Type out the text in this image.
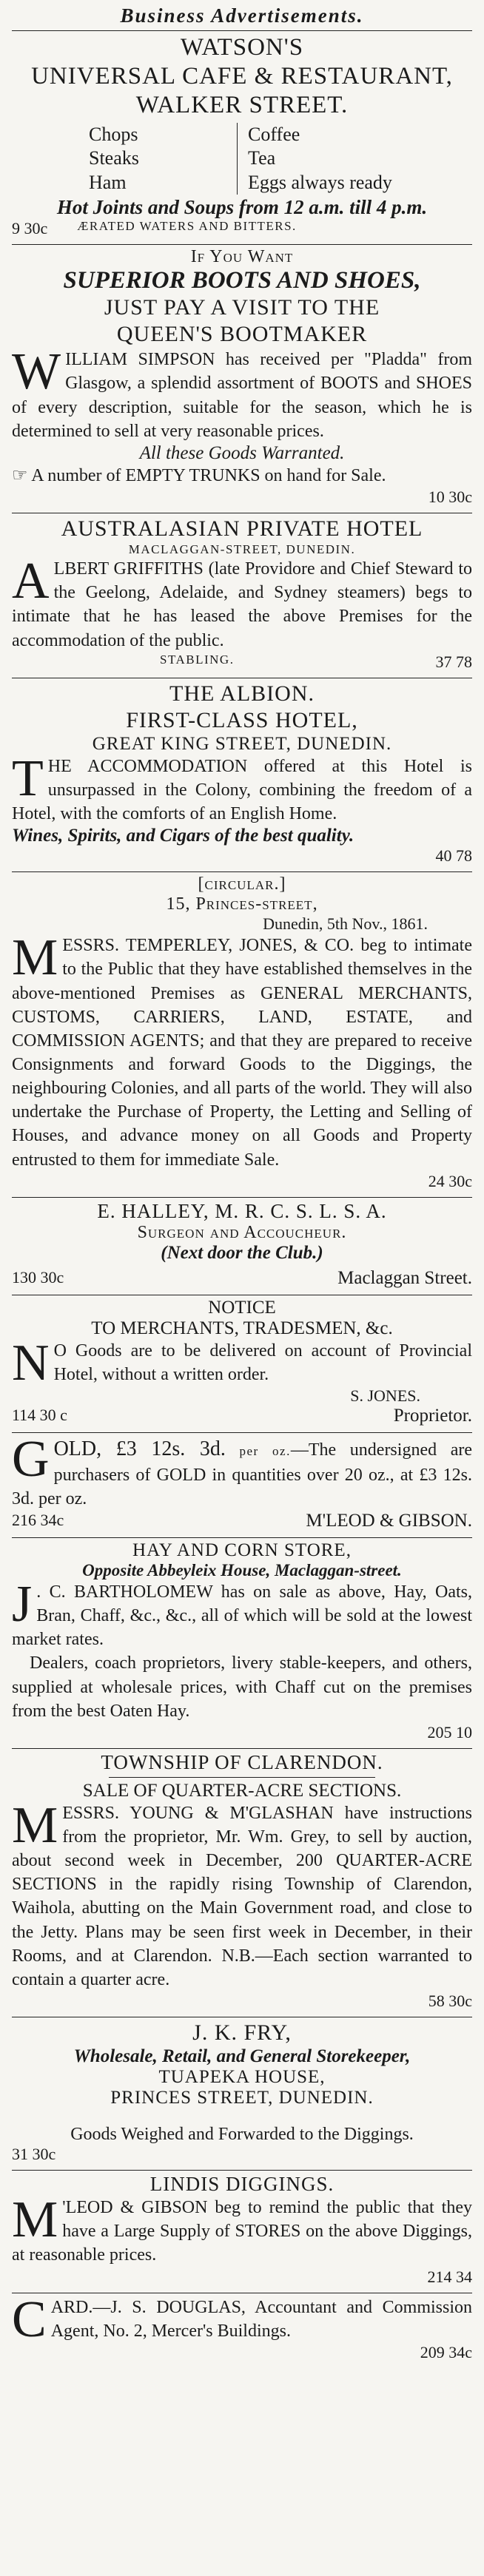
Business Advertisements.
WATSON'S
UNIVERSAL CAFE & RESTAURANT,
WALKER STREET.
Chops
Steaks
Ham
Coffee
Tea
Eggs always ready
Hot Joints and Soups from 12 a.m. till 4 p.m.
9 30c ÆRATED WATERS AND BITTERS.
If You Want
SUPERIOR BOOTS AND SHOES,
JUST PAY A VISIT TO THE
QUEEN'S BOOTMAKER
WILLIAM SIMPSON has received per "Pladda" from Glasgow, a splendid assortment of BOOTS and SHOES of every description, suitable for the season, which he is determined to sell at very reasonable prices.
All these Goods Warranted.
☞ A number of EMPTY TRUNKS on hand for Sale.
10 30c
AUSTRALASIAN PRIVATE HOTEL
MACLAGGAN-STREET, DUNEDIN.
ALBERT GRIFFITHS (late Providore and Chief Steward to the Geelong, Adelaide, and Sydney steamers) begs to intimate that he has leased the above Premises for the accommodation of the public.
STABLING.	37 78
THE ALBION.
FIRST-CLASS HOTEL,
GREAT KING STREET, DUNEDIN.
THE ACCOMMODATION offered at this Hotel is unsurpassed in the Colony, combining the freedom of a Hotel, with the comforts of an English Home.
Wines, Spirits, and Cigars of the best quality.
40 78
[circular.]
15, Princes-street,
Dunedin, 5th Nov., 1861.
MESSRS. TEMPERLEY, JONES, & CO. beg to intimate to the Public that they have established themselves in the above-mentioned Premises as GENERAL MERCHANTS, CUSTOMS, CARRIERS, LAND, ESTATE, and COMMISSION AGENTS; and that they are prepared to receive Consignments and forward Goods to the Diggings, the neighbouring Colonies, and all parts of the world. They will also undertake the Purchase of Property, the Letting and Selling of Houses, and advance money on all Goods and Property entrusted to them for immediate Sale.
24 30c
E. HALLEY, M. R. C. S. L. S. A.
Surgeon and Accoucheur.
(Next door the Club.)
130 30c	Maclaggan Street.
NOTICE
TO MERCHANTS, TRADESMEN, &c.
N O Goods are to be delivered on account of Provincial Hotel, without a written order.
S. JONES.
114 30 c	Proprietor.
GOLD, £3 12s. 3d. per oz.—The undersigned are purchasers of GOLD in quantities over 20 oz., at £3 12s. 3d. per oz.
216 34c	M'LEOD & GIBSON.
HAY AND CORN STORE,
Opposite Abbeyleix House, Maclaggan-street.
J . C. BARTHOLOMEW has on sale as above, Hay, Oats, Bran, Chaff, &c., &c., all of which will be sold at the lowest market rates.
Dealers, coach proprietors, livery stable-keepers, and others, supplied at wholesale prices, with Chaff cut on the premises from the best Oaten Hay.
205 10
TOWNSHIP OF CLARENDON.
SALE OF QUARTER-ACRE SECTIONS.
MESSRS. YOUNG & M'GLASHAN have instructions from the proprietor, Mr. Wm. Grey, to sell by auction, about second week in December, 200 QUARTER-ACRE SECTIONS in the rapidly rising Township of Clarendon, Waihola, abutting on the Main Government road, and close to the Jetty. Plans may be seen first week in December, in their Rooms, and at Clarendon. N.B.—Each section warranted to contain a quarter acre.
58 30c
J. K. FRY,
Wholesale, Retail, and General Storekeeper,
TUAPEKA HOUSE,
PRINCES STREET, DUNEDIN.
Goods Weighed and Forwarded to the Diggings.
31 30c
LINDIS DIGGINGS.
M 'LEOD & GIBSON beg to remind the public that they have a Large Supply of STORES on the above Diggings, at reasonable prices.
214 34
CARD.—J. S. DOUGLAS, Accountant and Commission Agent, No. 2, Mercer's Buildings.
209 34c
